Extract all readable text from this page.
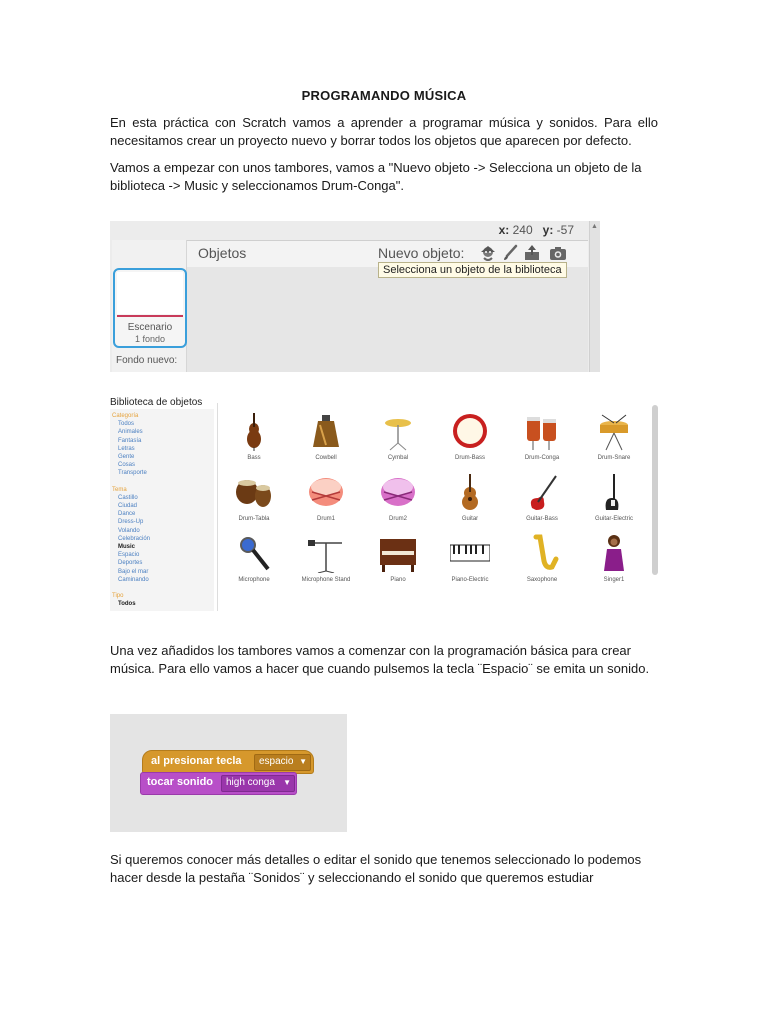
PROGRAMANDO MÚSICA
En esta práctica con Scratch vamos a aprender a programar música y sonidos. Para ello necesitamos crear un proyecto nuevo y borrar todos los objetos que aparecen por defecto.
Vamos a empezar con unos tambores, vamos a "Nuevo objeto -> Selecciona un objeto de la biblioteca -> Music y seleccionamos Drum-Conga".
x: 240 y: -57 ▲
Objetos	Nuevo objeto:
Escenario
1 fondo
Fondo nuevo:
Selecciona un objeto de la biblioteca
Biblioteca de objetos
Categoría
Todos
Animales
Fantasía
Letras
Gente
Cosas
Transporte
Tema
Castillo
Ciudad
Dance
Dress-Up
Volando
Celebración
Music
Espacio
Deportes
Bajo el mar
Caminando
Tipo
Todos
Bass	Cowbell	Cymbal	Drum-Bass	Drum-Conga	Drum-Snare
Drum-Tabla	Drum1	Drum2	Guitar	Guitar-Bass	Guitar-Electric
Microphone	Microphone Stand	Piano	Piano-Electric	Saxophone	Singer1
Una vez añadidos los tambores vamos a comenzar con la programación básica para crear música. Para ello vamos a hacer que cuando pulsemos la tecla ¨Espacio¨ se emita un sonido.
al presionar tecla espacio ▼
tocar sonido high conga ▼
Si queremos conocer más detalles o editar el sonido que tenemos seleccionado lo podemos hacer desde la pestaña ¨Sonidos¨ y seleccionando el sonido que queremos estudiar
